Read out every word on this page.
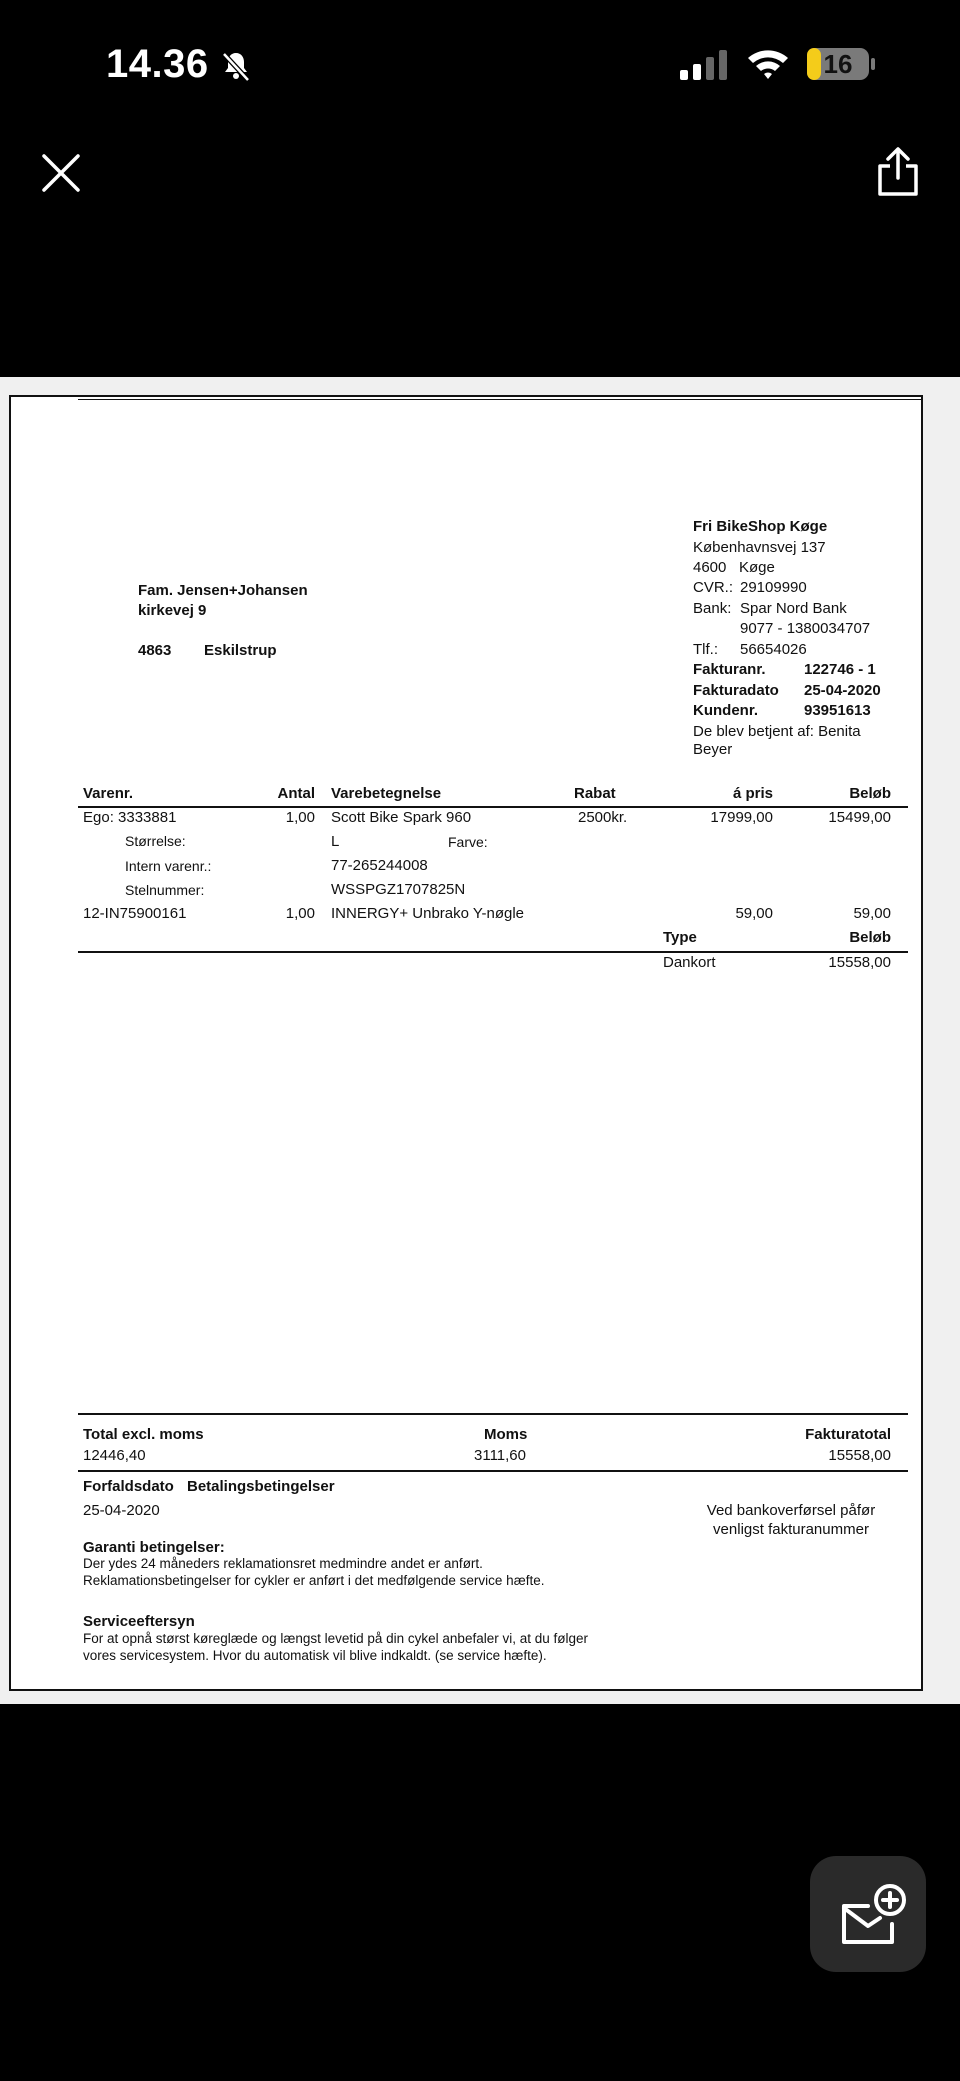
14.36	16
Fri BikeShop Køge
Københavnsvej 137
4600 Køge
CVR.: 29109990
Bank: Spar Nord Bank
9077 - 1380034707
Tlf.: 56654026
Fakturanr.	122746 - 1
Fakturadato 25-04-2020
Kundenr.	93951613
De blev betjent af: Benita
Beyer
Fam. Jensen+Johansen
kirkevej 9
4863 Eskilstrup
Varenr.	Antal Varebetegnelse	Rabat	á pris	Beløb
Ego: 3333881	1,00 Scott Bike Spark 960	2500kr.	17999,00	15499,00
Størrelse:	L	Farve:
Intern varenr.:	77-265244008
Stelnummer:	WSSPGZ1707825N
12-IN75900161	1,00 INNERGY+ Unbrako Y-nøgle	59,00	59,00
Type	Beløb
Dankort	15558,00
Total excl. moms	Moms	Fakturatotal
12446,40	3111,60	15558,00
Forfaldsdato Betalingsbetingelser
25-04-2020	Ved bankoverførsel påfør
venligst fakturanummer
Garanti betingelser:
Der ydes 24 måneders reklamationsret medmindre andet er anført.
Reklamationsbetingelser for cykler er anført i det medfølgende service hæfte.
Serviceeftersyn
For at opnå størst køreglæde og længst levetid på din cykel anbefaler vi, at du følger
vores servicesystem. Hvor du automatisk vil blive indkaldt. (se service hæfte).
